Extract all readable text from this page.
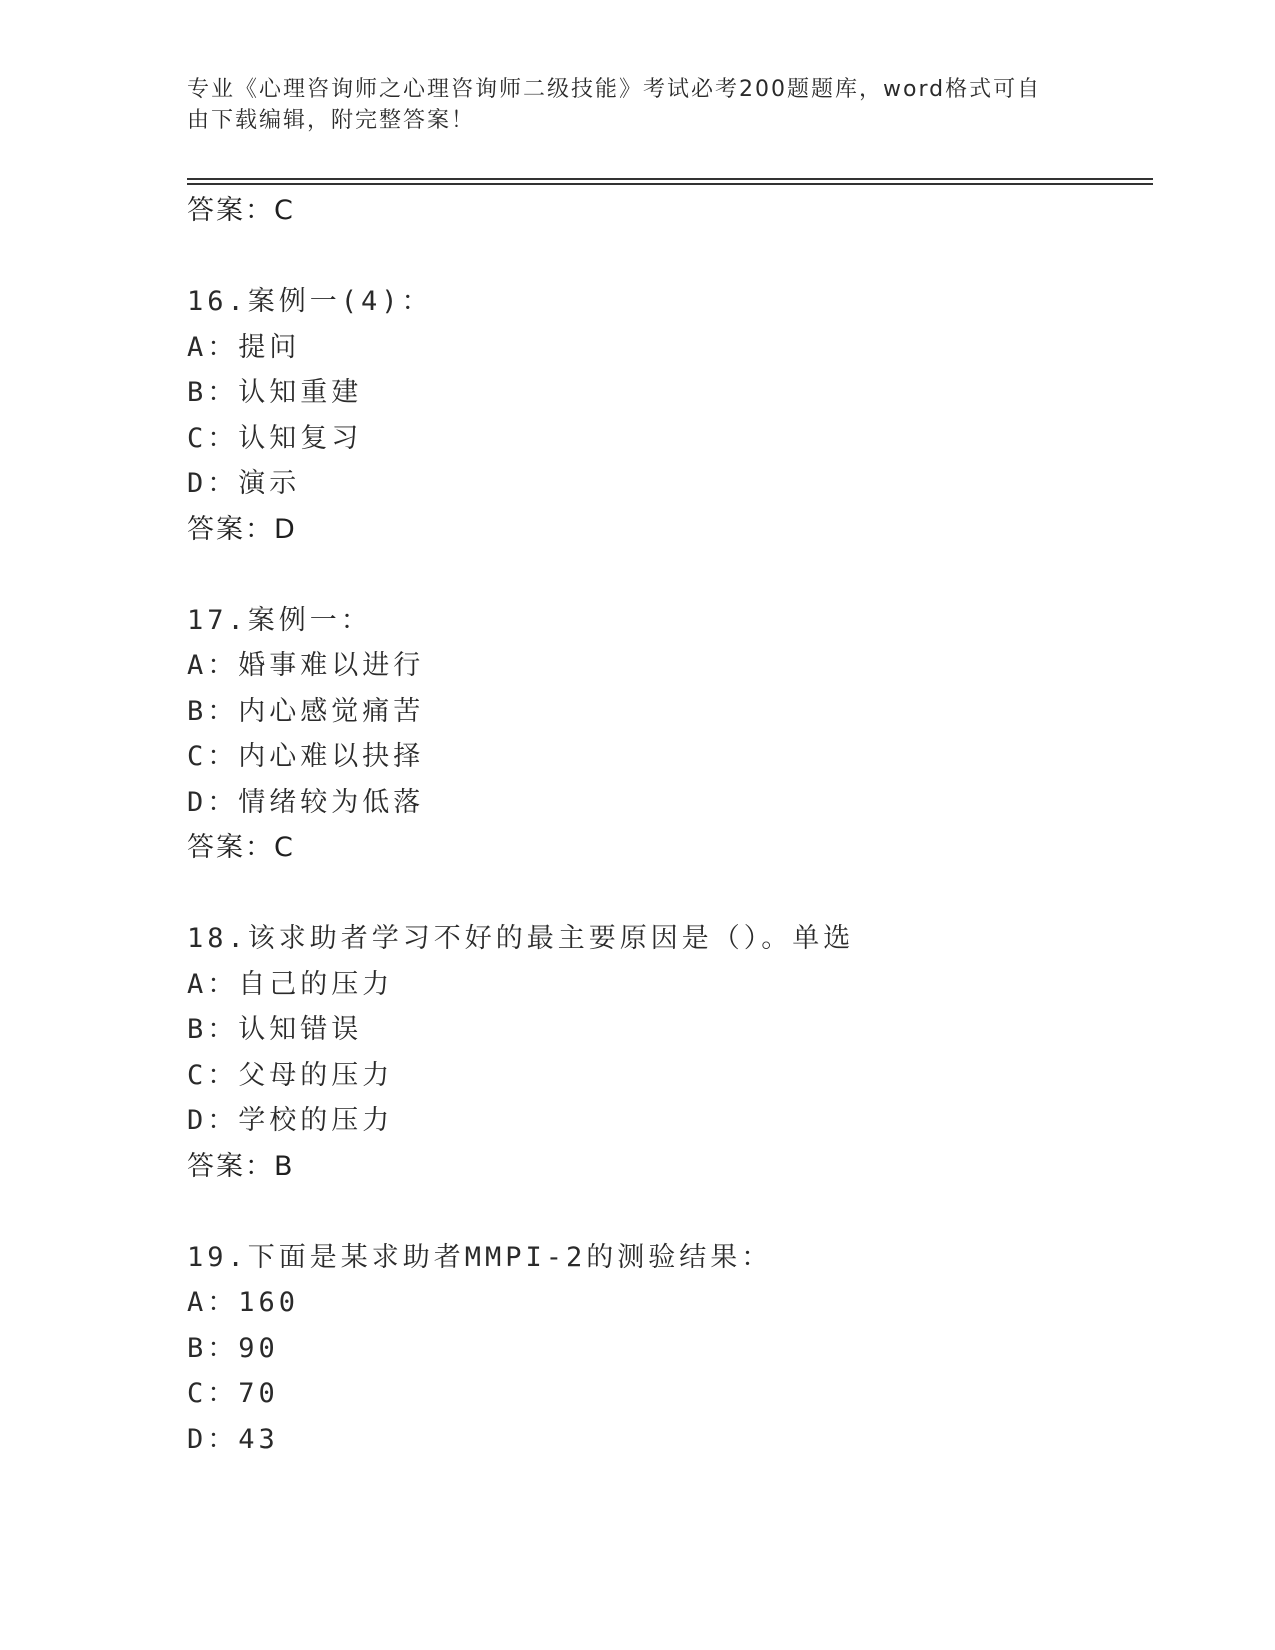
专业《心理咨询师之心理咨询师二级技能》考试必考200题题库，word格式可自
由下载编辑，附完整答案！
答案：C
16.案例一(4)：
A：提问
B：认知重建
C：认知复习
D：演示
答案：D
17.案例一：
A：婚事难以进行
B：内心感觉痛苦
C：内心难以抉择
D：情绪较为低落
答案：C
18.该求助者学习不好的最主要原因是（）。单选
A：自己的压力
B：认知错误
C：父母的压力
D：学校的压力
答案：B
19.下面是某求助者MMPI-2的测验结果：
A：160
B：90
C：70
D：43
